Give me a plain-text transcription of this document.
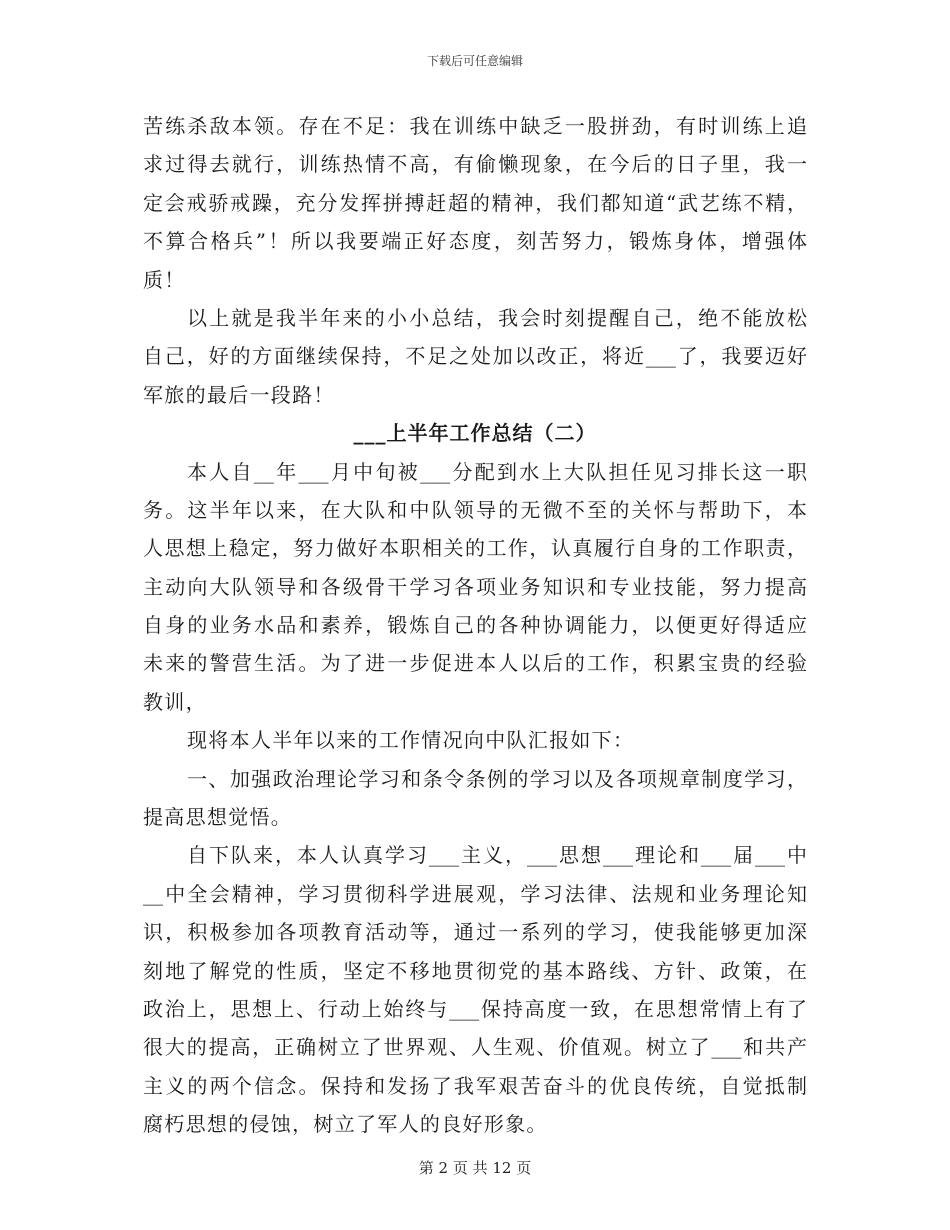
下载后可任意编辑
苦练杀敌本领。存在不足：我在训练中缺乏一股拼劲，有时训练上追
求过得去就行，训练热情不高，有偷懒现象，在今后的日子里，我一
定会戒骄戒躁，充分发挥拼搏赶超的精神，我们都知道“武艺练不精，
不算合格兵”！所以我要端正好态度，刻苦努力，锻炼身体，增强体
质！
以上就是我半年来的小小总结，我会时刻提醒自己，绝不能放松
自己，好的方面继续保持，不足之处加以改正，将近___了，我要迈好
军旅的最后一段路！
___上半年工作总结（二）
本人自__年___月中旬被___分配到水上大队担任见习排长这一职
务。这半年以来，在大队和中队领导的无微不至的关怀与帮助下，本
人思想上稳定，努力做好本职相关的工作，认真履行自身的工作职责，
主动向大队领导和各级骨干学习各项业务知识和专业技能，努力提高
自身的业务水品和素养，锻炼自己的各种协调能力，以便更好得适应
未来的警营生活。为了进一步促进本人以后的工作，积累宝贵的经验
教训，
现将本人半年以来的工作情况向中队汇报如下：
一、加强政治理论学习和条令条例的学习以及各项规章制度学习，
提高思想觉悟。
自下队来，本人认真学习___主义，___思想___理论和___届___中
__中全会精神，学习贯彻科学进展观，学习法律、法规和业务理论知
识，积极参加各项教育活动等，通过一系列的学习，使我能够更加深
刻地了解党的性质，坚定不移地贯彻党的基本路线、方针、政策，在
政治上，思想上、行动上始终与___保持高度一致，在思想常情上有了
很大的提高，正确树立了世界观、人生观、价值观。树立了___和共产
主义的两个信念。保持和发扬了我军艰苦奋斗的优良传统，自觉抵制
腐朽思想的侵蚀，树立了军人的良好形象。
第 2 页 共 12 页
